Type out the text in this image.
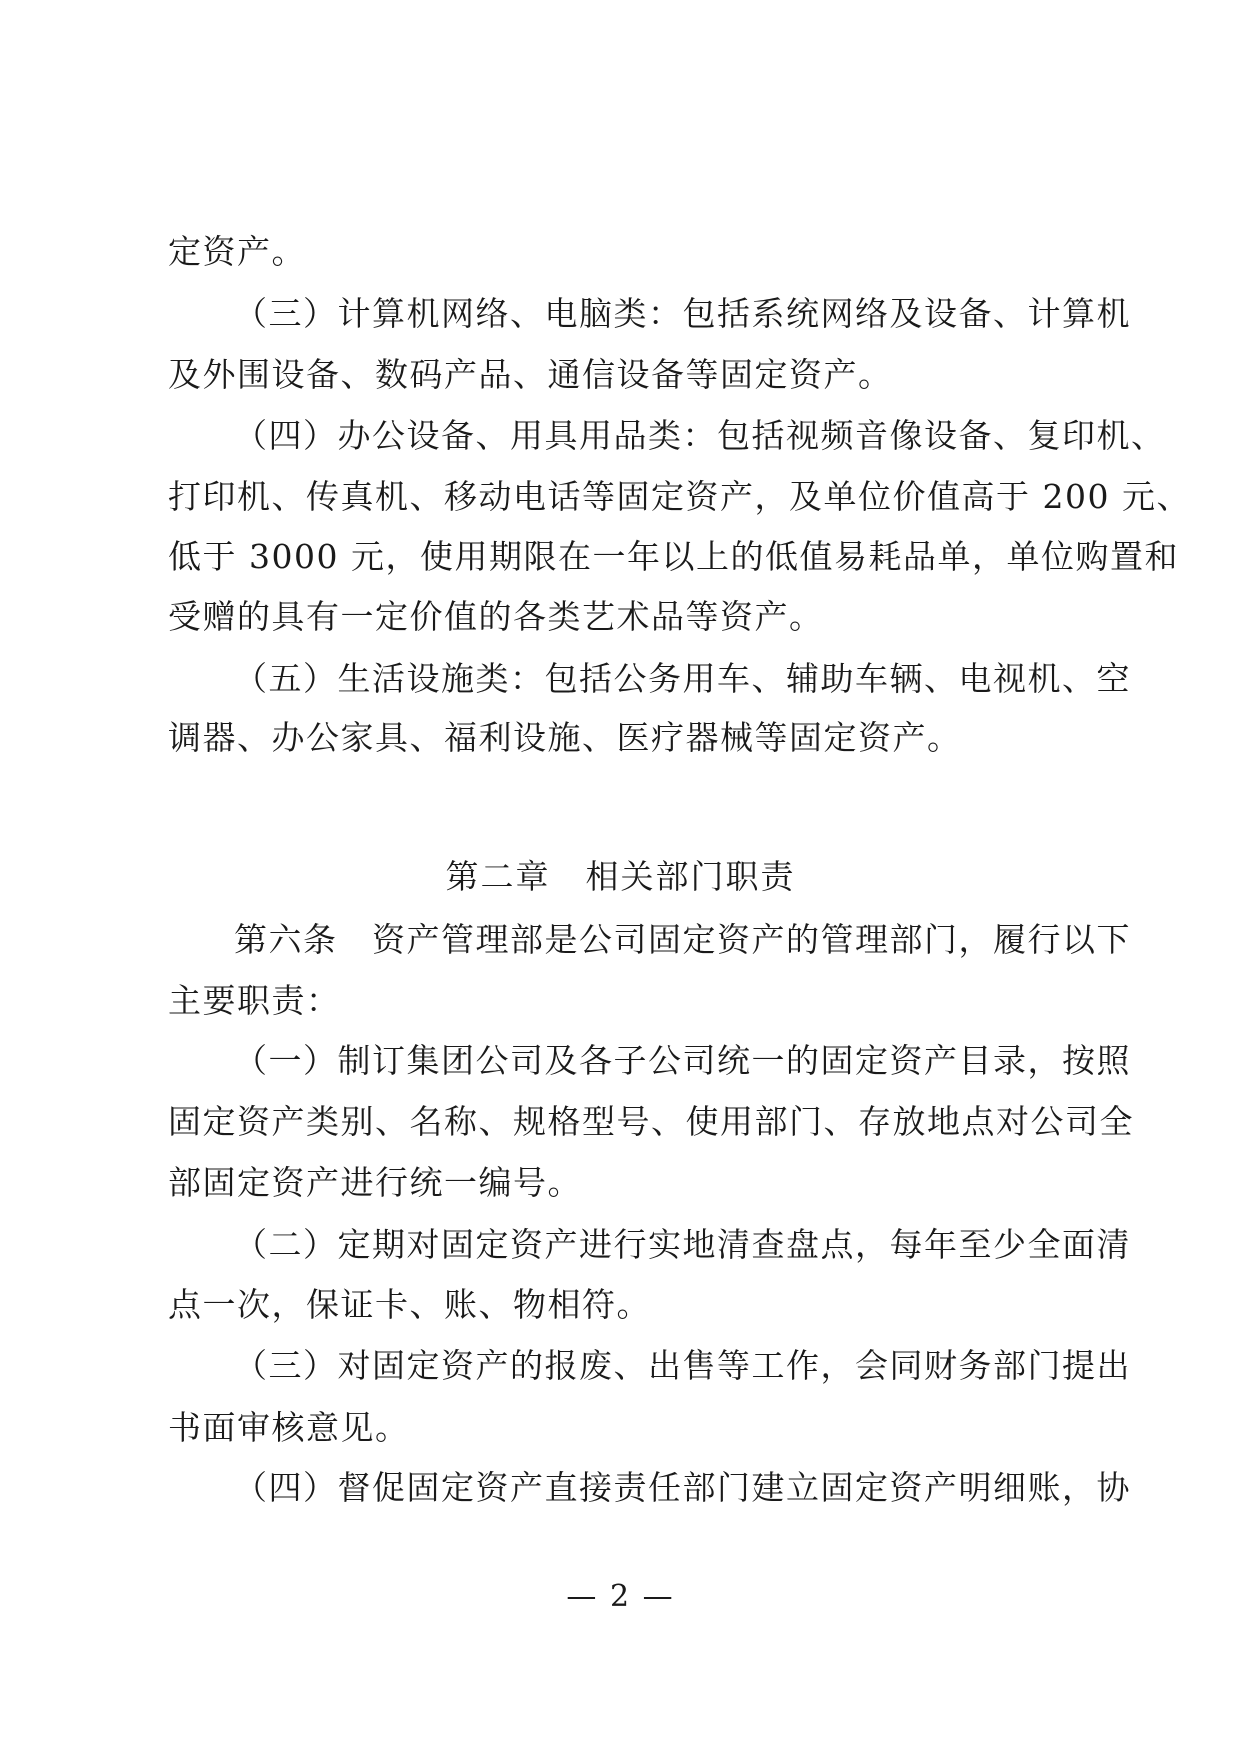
定资产。
（三）计算机网络、电脑类：包括系统网络及设备、计算机
及外围设备、数码产品、通信设备等固定资产。
（四）办公设备、用具用品类：包括视频音像设备、复印机、
打印机、传真机、移动电话等固定资产，及单位价值高于 200 元、
低于 3000 元，使用期限在一年以上的低值易耗品单，单位购置和
受赠的具有一定价值的各类艺术品等资产。
（五）生活设施类：包括公务用车、辅助车辆、电视机、空
调器、办公家具、福利设施、医疗器械等固定资产。
第二章　相关部门职责
第六条　资产管理部是公司固定资产的管理部门，履行以下
主要职责：
（一）制订集团公司及各子公司统一的固定资产目录，按照
固定资产类别、名称、规格型号、使用部门、存放地点对公司全
部固定资产进行统一编号。
（二）定期对固定资产进行实地清查盘点，每年至少全面清
点一次，保证卡、账、物相符。
（三）对固定资产的报废、出售等工作，会同财务部门提出
书面审核意见。
（四）督促固定资产直接责任部门建立固定资产明细账，协
— 2 —
